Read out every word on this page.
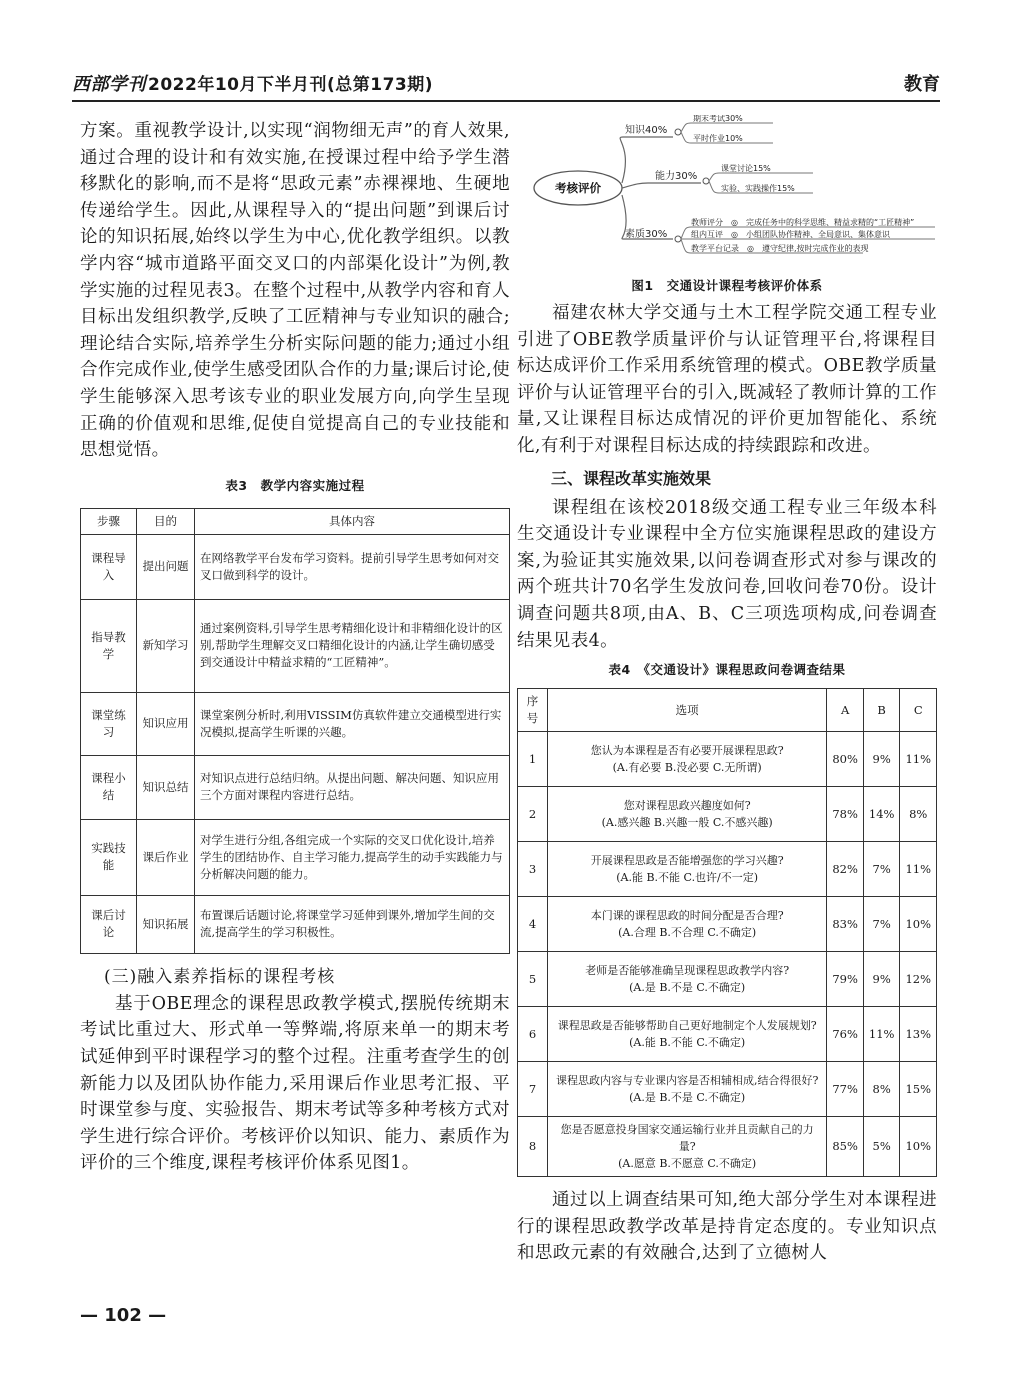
西部学刊 2022年10月下半月刊(总第173期)	教育

方案。重视教学设计,以实现“润物细无声”的育人效果,通过合理的设计和有效实施,在授课过程中给予学生潜移默化的影响,而不是将“思政元素”赤裸裸地、生硬地传递给学生。因此,从课程导入的“提出问题”到课后讨论的知识拓展,始终以学生为中心,优化教学组织。以教学内容“城市道路平面交叉口的内部渠化设计”为例,教学实施的过程见表3。在整个过程中,从教学内容和育人目标出发组织教学,反映了工匠精神与专业知识的融合;理论结合实际,培养学生分析实际问题的能力;通过小组合作完成作业,使学生感受团队合作的力量;课后讨论,使学生能够深入思考该专业的职业发展方向,向学生呈现正确的价值观和思维,促使自觉提高自己的专业技能和思想觉悟。

表3　教学内容实施过程
步骤	目的	具体内容
课程导入	提出问题	在网络教学平台发布学习资料。提前引导学生思考如何对交叉口做到科学的设计。
指导教学	新知学习	通过案例资料,引导学生思考精细化设计和非精细化设计的区别,帮助学生理解交叉口精细化设计的内涵,让学生确切感受到交通设计中精益求精的“工匠精神”。
课堂练习	知识应用	课堂案例分析时,利用VISSIM仿真软件建立交通模型进行实况模拟,提高学生听课的兴趣。
课程小结	知识总结	对知识点进行总结归纳。从提出问题、解决问题、知识应用三个方面对课程内容进行总结。
实践技能	课后作业	对学生进行分组,各组完成一个实际的交叉口优化设计,培养学生的团结协作、自主学习能力,提高学生的动手实践能力与分析解决问题的能力。
课后讨论	知识拓展	布置课后话题讨论,将课堂学习延伸到课外,增加学生间的交流,提高学生的学习积极性。
(三)融入素养指标的课程考核

基于OBE理念的课程思政教学模式,摆脱传统期末考试比重过大、形式单一等弊端,将原来单一的期末考试延伸到平时课程学习的整个过程。注重考查学生的创新能力以及团队协作能力,采用课后作业思考汇报、平时课堂参与度、实验报告、期末考试等多种考核方式对学生进行综合评价。考核评价以知识、能力、素质作为评价的三个维度,课程考核评价体系见图1。

考核评价
知识40%
期末考试30%
平时作业10%
能力30%
课堂讨论15%
实验、实践操作15%
素质30%
教师评分　◎　完成任务中的科学思维、精益求精的“工匠精神”
组内互评　◎　小组团队协作精神、全局意识、集体意识
教学平台记录　◎　遵守纪律,按时完成作业的表现
图1　交通设计课程考核评价体系

福建农林大学交通与土木工程学院交通工程专业引进了OBE教学质量评价与认证管理平台,将课程目标达成评价工作采用系统管理的模式。OBE教学质量评价与认证管理平台的引入,既减轻了教师计算的工作量,又让课程目标达成情况的评价更加智能化、系统化,有利于对课程目标达成的持续跟踪和改进。

三、课程改革实施效果

课程组在该校2018级交通工程专业三年级本科生交通设计专业课程中全方位实施课程思政的建设方案,为验证其实施效果,以问卷调查形式对参与课改的两个班共计70名学生发放问卷,回收问卷70份。设计调查问题共8项,由A、B、C三项选项构成,问卷调查结果见表4。

表4　《交通设计》课程思政问卷调查结果
序号	选项	A	B	C
1	您认为本课程是否有必要开展课程思政?
(A.有必要 B.没必要 C.无所谓)	80%	9%	11%
2	您对课程思政兴趣度如何?
(A.感兴趣 B.兴趣一般 C.不感兴趣)	78%	14%	8%
3	开展课程思政是否能增强您的学习兴趣?
(A.能 B.不能 C.也许/不一定)	82%	7%	11%
4	本门课的课程思政的时间分配是否合理?
(A.合理 B.不合理 C.不确定)	83%	7%	10%
5	老师是否能够准确呈现课程思政教学内容?
(A.是 B.不是 C.不确定)	79%	9%	12%
6	课程思政是否能够帮助自己更好地制定个人发展规划?
(A.能 B.不能 C.不确定)	76%	11%	13%
7	课程思政内容与专业课内容是否相辅相成,结合得很好?
(A.是 B.不是 C.不确定)	77%	8%	15%
8	您是否愿意投身国家交通运输行业并且贡献自己的力量?
(A.愿意 B.不愿意 C.不确定)	85%	5%	10%

通过以上调查结果可知,绝大部分学生对本课程进行的课程思政教学改革是持肯定态度的。专业知识点和思政元素的有效融合,达到了立德树人

— 102 —
